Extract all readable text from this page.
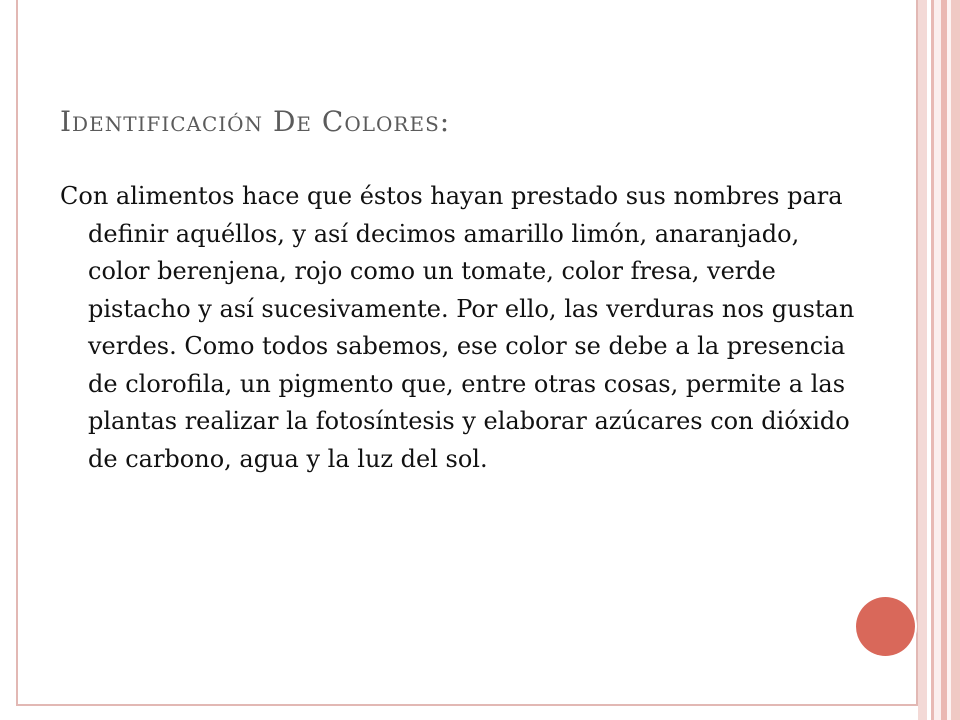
Identificación De Colores:

Con alimentos hace que éstos hayan prestado sus nombres para definir aquéllos, y así decimos amarillo limón, anaranjado, color berenjena, rojo como un tomate, color fresa, verde pistacho y así sucesivamente. Por ello, las verduras nos gustan verdes. Como todos sabemos, ese color se debe a la presencia de clorofila, un pigmento que, entre otras cosas, permite a las plantas realizar la fotosíntesis y elaborar azúcares con dióxido de carbono, agua y la luz del sol.
